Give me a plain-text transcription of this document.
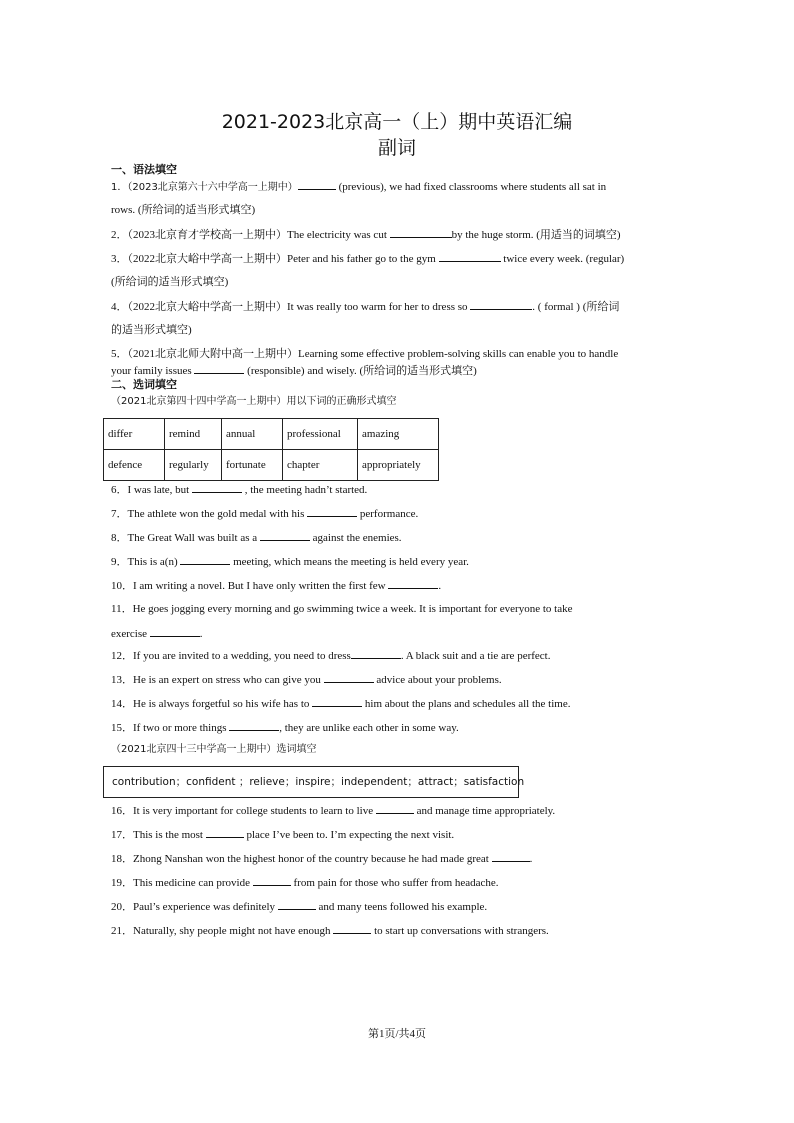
2021-2023北京高一（上）期中英语汇编
副词
一、语法填空
1．（2023北京第六十六中学高一上期中）	(previous), we had fixed classrooms where students all sat in
rows. (所给词的适当形式填空)
2．（2023北京育才学校高一上期中）The electricity was cut	by the huge storm. (用适当的词填空)
3．（2022北京大峪中学高一上期中）Peter and his father go to the gym	twice every week. (regular)
(所给词的适当形式填空)
4．（2022北京大峪中学高一上期中）It was really too warm for her to dress so	. ( formal ) (所给词
的适当形式填空)
5．（2021北京北师大附中高一上期中）Learning some effective problem-solving skills can enable you to handle
your family issues	(responsible) and wisely. (所给词的适当形式填空)
二、选词填空
（2021北京第四十四中学高一上期中）用以下词的正确形式填空
differ	remind	annual	professional	amazing
defence	regularly	fortunate	chapter	appropriately
6．I was late, but	, the meeting hadn’t started.
7．The athlete won the gold medal with his	performance.
8．The Great Wall was built as a	against the enemies.
9．This is a(n)	meeting, which means the meeting is held every year.
10．I am writing a novel. But I have only written the first few	.
11．He goes jogging every morning and go swimming twice a week. It is important for everyone to take
exercise	.
12．If you are invited to a wedding, you need to dress	. A black suit and a tie are perfect.
13．He is an expert on stress who can give you	advice about your problems.
14．He is always forgetful so his wife has to	him about the plans and schedules all the time.
15．If two or more things	, they are unlike each other in some way.
（2021北京四十三中学高一上期中）选词填空
contribution；confident ；relieve；inspire；independent；attract；satisfaction
16．It is very important for college students to learn to live	and manage time appropriately.
17．This is the most	place I’ve been to. I’m expecting the next visit.
18．Zhong Nanshan won the highest honor of the country because he had made great	.
19．This medicine can provide	from pain for those who suffer from headache.
20．Paul’s experience was definitely	and many teens followed his example.
21．Naturally, shy people might not have enough	to start up conversations with strangers.
第1页/共4页
